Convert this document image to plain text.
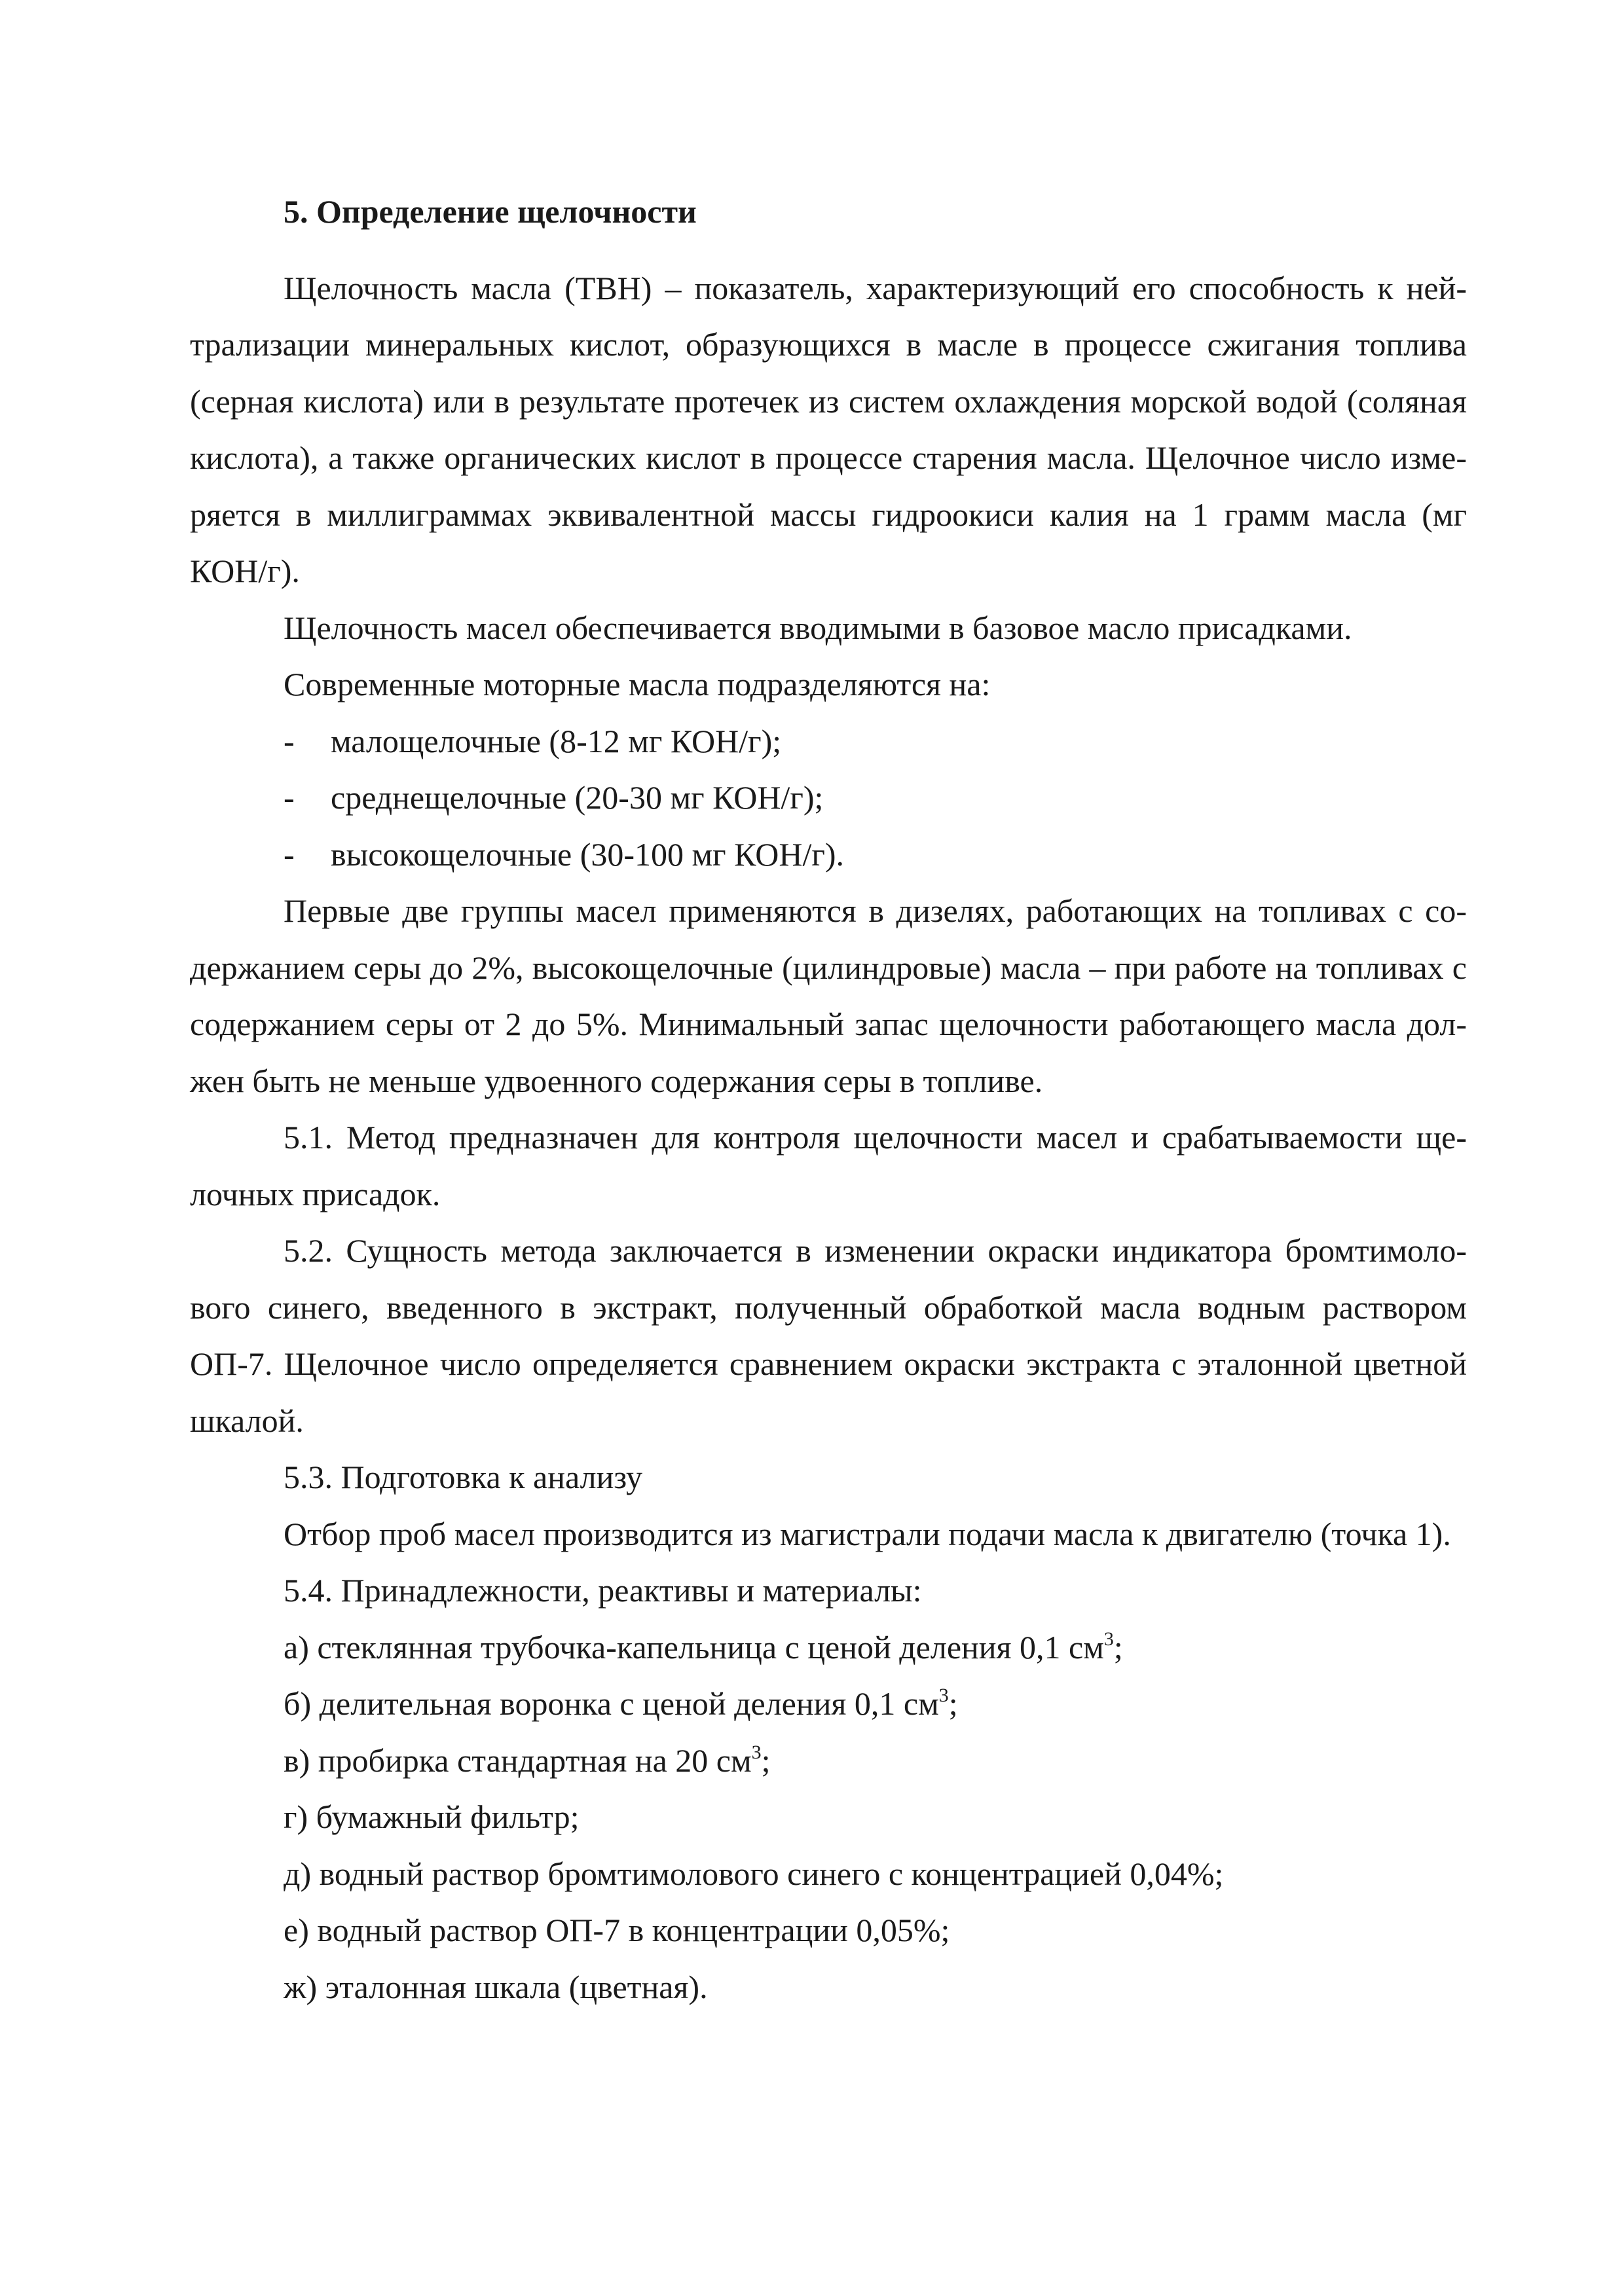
5. Определение щелочности

Щелочность масла (ТВН) – показатель, характеризующий его способность к нейтрализации минеральных кислот, образующихся в масле в процессе сжигания топлива (серная кислота) или в результате протечек из систем охлаждения морской водой (соляная кислота), а также органических кислот в процессе старения масла. Щелочное число измеряется в миллиграммах эквивалентной массы гидроокиси калия на 1 грамм масла (мг КОН/г).

Щелочность масел обеспечивается вводимыми в базовое масло присадками.

Современные моторные масла подразделяются на:

- малощелочные (8-12 мг КОН/г);

- среднещелочные (20-30 мг КОН/г);

- высокощелочные (30-100 мг КОН/г).

Первые две группы масел применяются в дизелях, работающих на топливах с содержанием серы до 2%, высокощелочные (цилиндровые) масла – при работе на топливах с содержанием серы от 2 до 5%. Минимальный запас щелочности работающего масла должен быть не меньше удвоенного содержания серы в топливе.

5.1. Метод предназначен для контроля щелочности масел и срабатываемости щелочных присадок.

5.2. Сущность метода заключается в изменении окраски индикатора бромтимолового синего, введенного в экстракт, полученный обработкой масла водным раствором ОП-7. Щелочное число определяется сравнением окраски экстракта с эталонной цветной шкалой.

5.3. Подготовка к анализу

Отбор проб масел производится из магистрали подачи масла к двигателю (точка 1).

5.4. Принадлежности, реактивы и материалы:

а) стеклянная трубочка-капельница с ценой деления 0,1 $см^3$;

б) делительная воронка с ценой деления 0,1 $см^3$;

в) пробирка стандартная на 20 $см^3$;

г) бумажный фильтр;

д) водный раствор бромтимолового синего с концентрацией 0,04%;

е) водный раствор ОП-7 в концентрации 0,05%;

ж) эталонная шкала (цветная).
